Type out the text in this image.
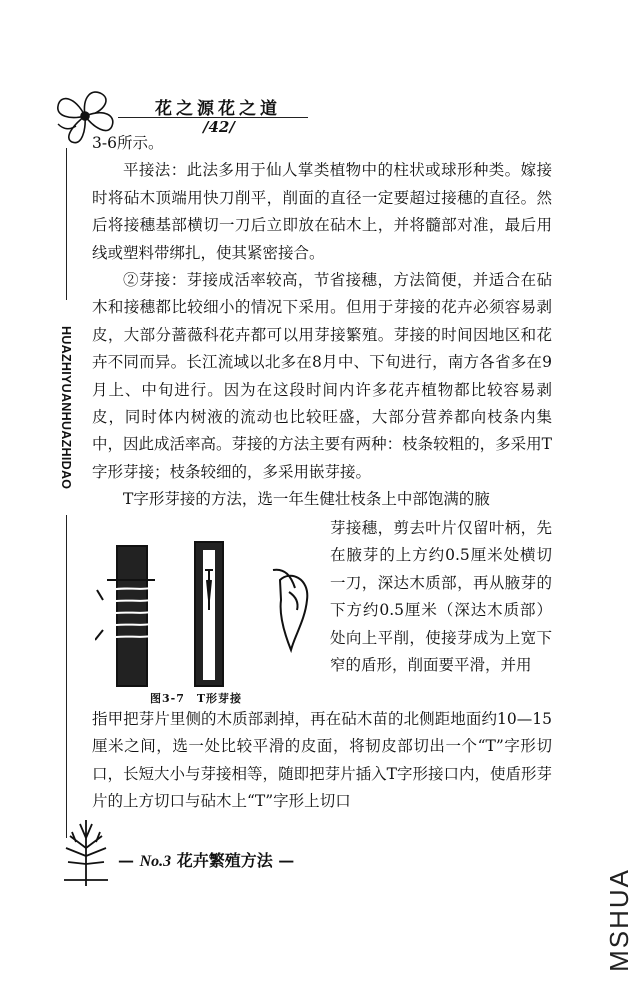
花之源花之道
/42/
HUAZHIYUANHUAZHIDAO

3-6所示。

平接法：此法多用于仙人掌类植物中的柱状或球形种类。嫁接时将砧木顶端用快刀削平，削面的直径一定要超过接穗的直径。然后将接穗基部横切一刀后立即放在砧木上，并将髓部对准，最后用线或塑料带绑扎，使其紧密接合。

②芽接：芽接成活率较高，节省接穗，方法简便，并适合在砧木和接穗都比较细小的情况下采用。但用于芽接的花卉必须容易剥皮，大部分蔷薇科花卉都可以用芽接繁殖。芽接的时间因地区和花卉不同而异。长江流域以北多在8月中、下旬进行，南方各省多在9月上、中旬进行。因为在这段时间内许多花卉植物都比较容易剥皮，同时体内树液的流动也比较旺盛，大部分营养都向枝条内集中，因此成活率高。芽接的方法主要有两种：枝条较粗的，多采用T字形芽接；枝条较细的，多采用嵌芽接。

T字形芽接的方法，选一年生健壮枝条上中部饱满的腋

图3-7　T形芽接

芽接穗，剪去叶片仅留叶柄，先在腋芽的上方约0.5厘米处横切一刀，深达木质部，再从腋芽的下方约0.5厘米（深达木质部）处向上平削，使接芽成为上宽下窄的盾形，削面要平滑，并用

指甲把芽片里侧的木质部剥掉，再在砧木苗的北侧距地面约10—15厘米之间，选一处比较平滑的皮面，将韧皮部切出一个“T”字形切口，长短大小与芽接相等，随即把芽片插入T字形接口内，使盾形芽片的上方切口与砧木上“T”字形上切口

— No.3 花卉繁殖方法 —
MSHUA
